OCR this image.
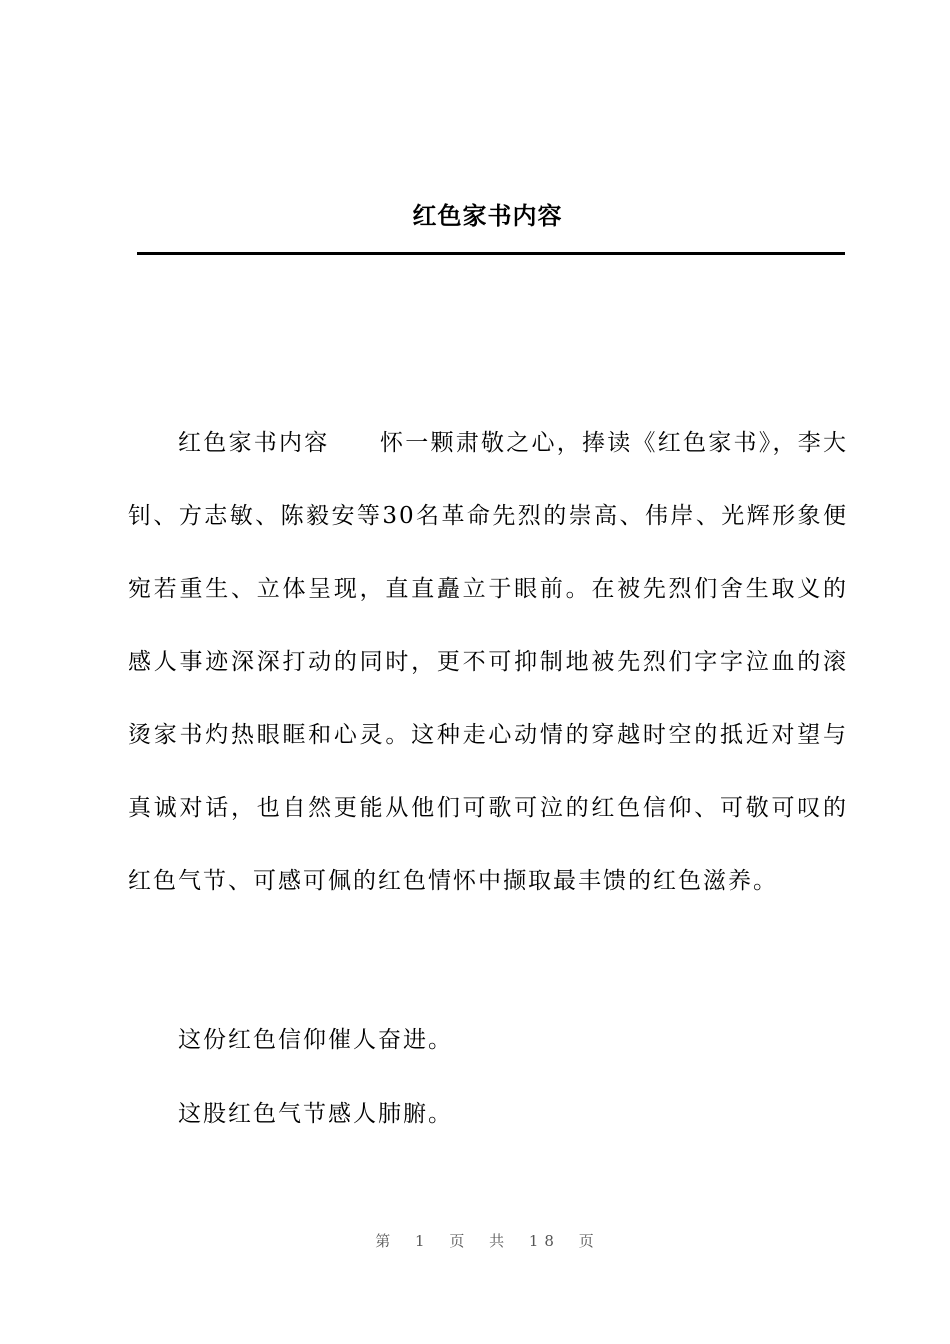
红色家书内容

红色家书内容　　怀一颗肃敬之心，捧读《红色家书》，李大钊、方志敏、陈毅安等30名革命先烈的崇高、伟岸、光辉形象便宛若重生、立体呈现，直直矗立于眼前。在被先烈们舍生取义的感人事迹深深打动的同时，更不可抑制地被先烈们字字泣血的滚烫家书灼热眼眶和心灵。这种走心动情的穿越时空的抵近对望与真诚对话，也自然更能从他们可歌可泣的红色信仰、可敬可叹的红色气节、可感可佩的红色情怀中撷取最丰馈的红色滋养。

这份红色信仰催人奋进。

这股红色气节感人肺腑。

第 1 页 共 18 页
